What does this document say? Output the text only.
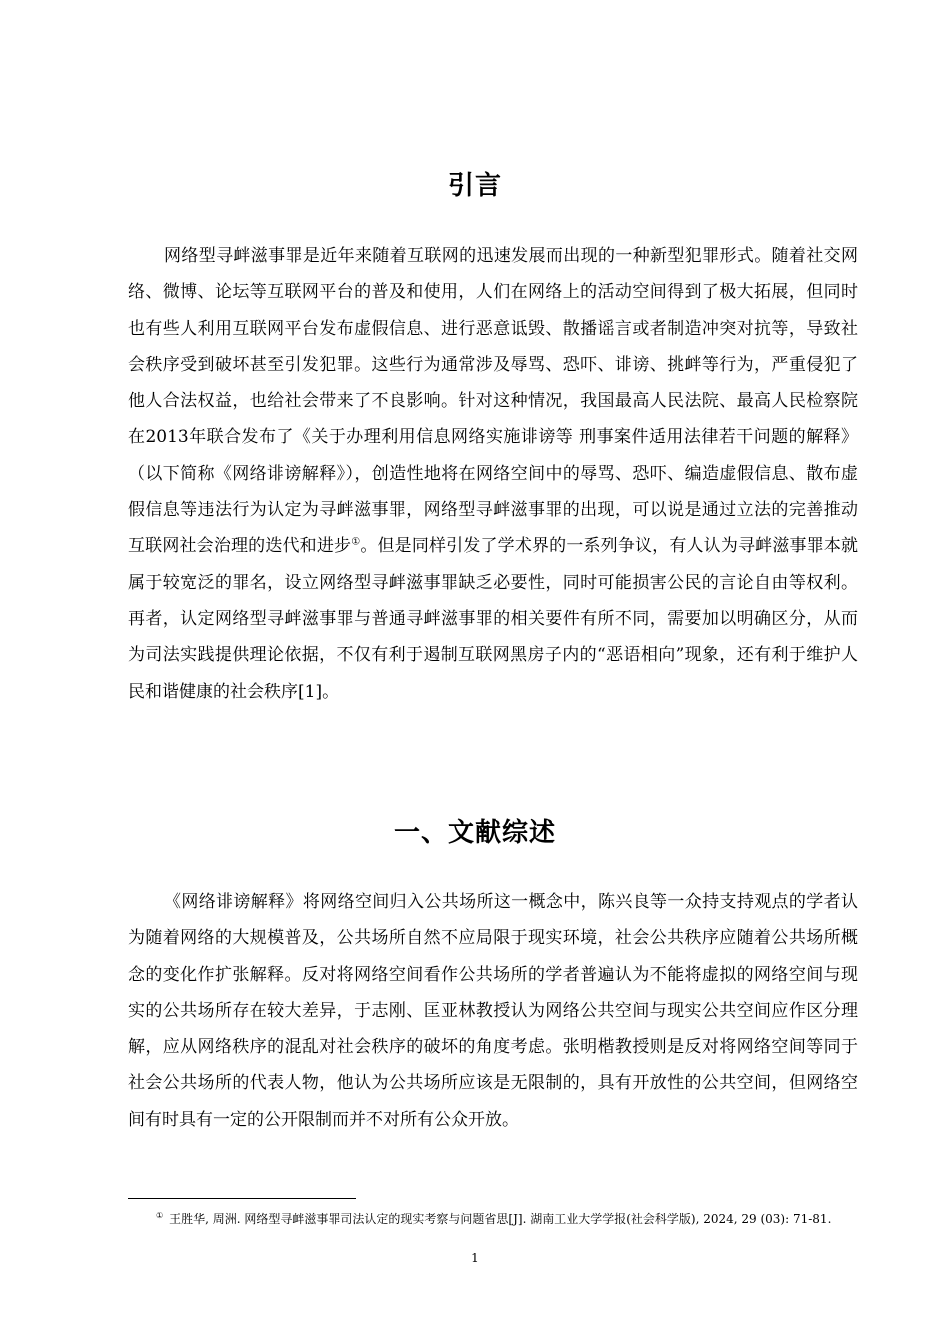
引言
网络型寻衅滋事罪是近年来随着互联网的迅速发展而出现的一种新型犯罪形式。随着社交网络、微博、论坛等互联网平台的普及和使用，人们在网络上的活动空间得到了极大拓展，但同时也有些人利用互联网平台发布虚假信息、进行恶意诋毁、散播谣言或者制造冲突对抗等，导致社会秩序受到破坏甚至引发犯罪。这些行为通常涉及辱骂、恐吓、诽谤、挑衅等行为，严重侵犯了他人合法权益，也给社会带来了不良影响。针对这种情况，我国最高人民法院、最高人民检察院在2013年联合发布了《关于办理利用信息网络实施诽谤等 刑事案件适用法律若干问题的解释》（以下简称《网络诽谤解释》），创造性地将在网络空间中的辱骂、恐吓、编造虚假信息、散布虚假信息等违法行为认定为寻衅滋事罪，网络型寻衅滋事罪的出现，可以说是通过立法的完善推动互联网社会治理的迭代和进步①。但是同样引发了学术界的一系列争议，有人认为寻衅滋事罪本就属于较宽泛的罪名，设立网络型寻衅滋事罪缺乏必要性，同时可能损害公民的言论自由等权利。再者，认定网络型寻衅滋事罪与普通寻衅滋事罪的相关要件有所不同，需要加以明确区分，从而为司法实践提供理论依据，不仅有利于遏制互联网黑房子内的“恶语相向”现象，还有利于维护人民和谐健康的社会秩序[1]。
一、文献综述
《网络诽谤解释》将网络空间归入公共场所这一概念中，陈兴良等一众持支持观点的学者认为随着网络的大规模普及，公共场所自然不应局限于现实环境，社会公共秩序应随着公共场所概念的变化作扩张解释。反对将网络空间看作公共场所的学者普遍认为不能将虚拟的网络空间与现实的公共场所存在较大差异，于志刚、匡亚林教授认为网络公共空间与现实公共空间应作区分理解，应从网络秩序的混乱对社会秩序的破坏的角度考虑。张明楷教授则是反对将网络空间等同于社会公共场所的代表人物，他认为公共场所应该是无限制的，具有开放性的公共空间，但网络空间有时具有一定的公开限制而并不对所有公众开放。
① 王胜华, 周洲. 网络型寻衅滋事罪司法认定的现实考察与问题省思[J]. 湖南工业大学学报(社会科学版), 2024, 29 (03): 71-81.
1
